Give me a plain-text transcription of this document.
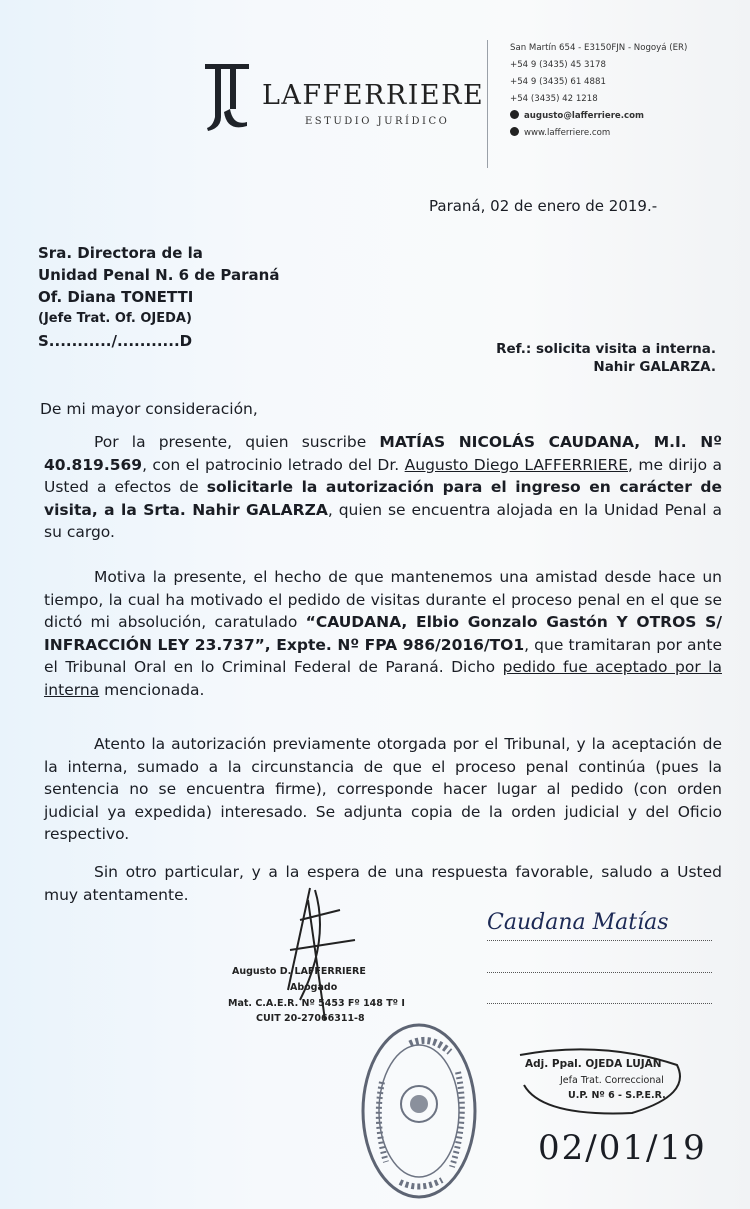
LAFFERRIERE
ESTUDIO JURÍDICO
San Martín 654 - E3150FJN - Nogoyá (ER)
+54 9 (3435) 45 3178
+54 9 (3435) 61 4881
+54 (3435) 42 1218
augusto@lafferriere.com
www.lafferriere.com
Paraná, 02 de enero de 2019.-
Sra. Directora de la
Unidad Penal N. 6 de Paraná
Of. Diana TONETTI
(Jefe Trat. Of. OJEDA)
S.........../...........D	Ref.: solicita visita a interna.
Nahir GALARZA.
De mi mayor consideración,
Por la presente, quien suscribe MATÍAS NICOLÁS CAUDANA, M.I. Nº 40.819.569, con el patrocinio letrado del Dr. Augusto Diego LAFFERRIERE, me dirijo a Usted a efectos de solicitarle la autorización para el ingreso en carácter de visita, a la Srta. Nahir GALARZA, quien se encuentra alojada en la Unidad Penal a su cargo.
Motiva la presente, el hecho de que mantenemos una amistad desde hace un tiempo, la cual ha motivado el pedido de visitas durante el proceso penal en el que se dictó mi absolución, caratulado “CAUDANA, Elbio Gonzalo Gastón Y OTROS S/ INFRACCIÓN LEY 23.737”, Expte. Nº FPA 986/2016/TO1, que tramitaran por ante el Tribunal Oral en lo Criminal Federal de Paraná. Dicho pedido fue aceptado por la interna mencionada.
Atento la autorización previamente otorgada por el Tribunal, y la aceptación de la interna, sumado a la circunstancia de que el proceso penal continúa (pues la sentencia no se encuentra firme), corresponde hacer lugar al pedido (con orden judicial ya expedida) interesado. Se adjunta copia de la orden judicial y del Oficio respectivo.
Sin otro particular, y a la espera de una respuesta favorable, saludo a Usted muy atentamente.
Augusto D. LAFFERRIERE
Abogado
Mat. C.A.E.R. Nº 5453 Fº 148 Tº I
CUIT 20-27066311-8
Caudana Matías
Adj. Ppal. OJEDA LUJAN
Jefa Trat. Correccional
U.P. Nº 6 - S.P.E.R.
02/01/19
